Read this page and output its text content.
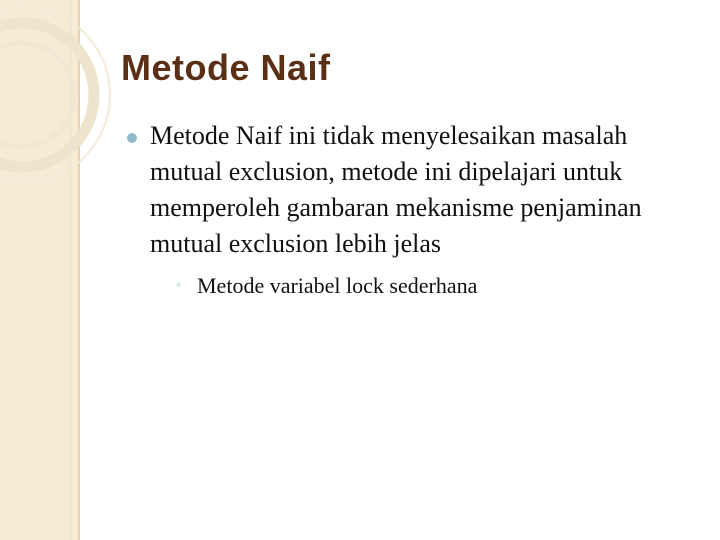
Metode Naif

Metode Naif ini tidak menyelesaikan masalah mutual exclusion, metode ini dipelajari untuk memperoleh gambaran mekanisme penjaminan mutual exclusion lebih jelas

◦ Metode variabel lock sederhana
